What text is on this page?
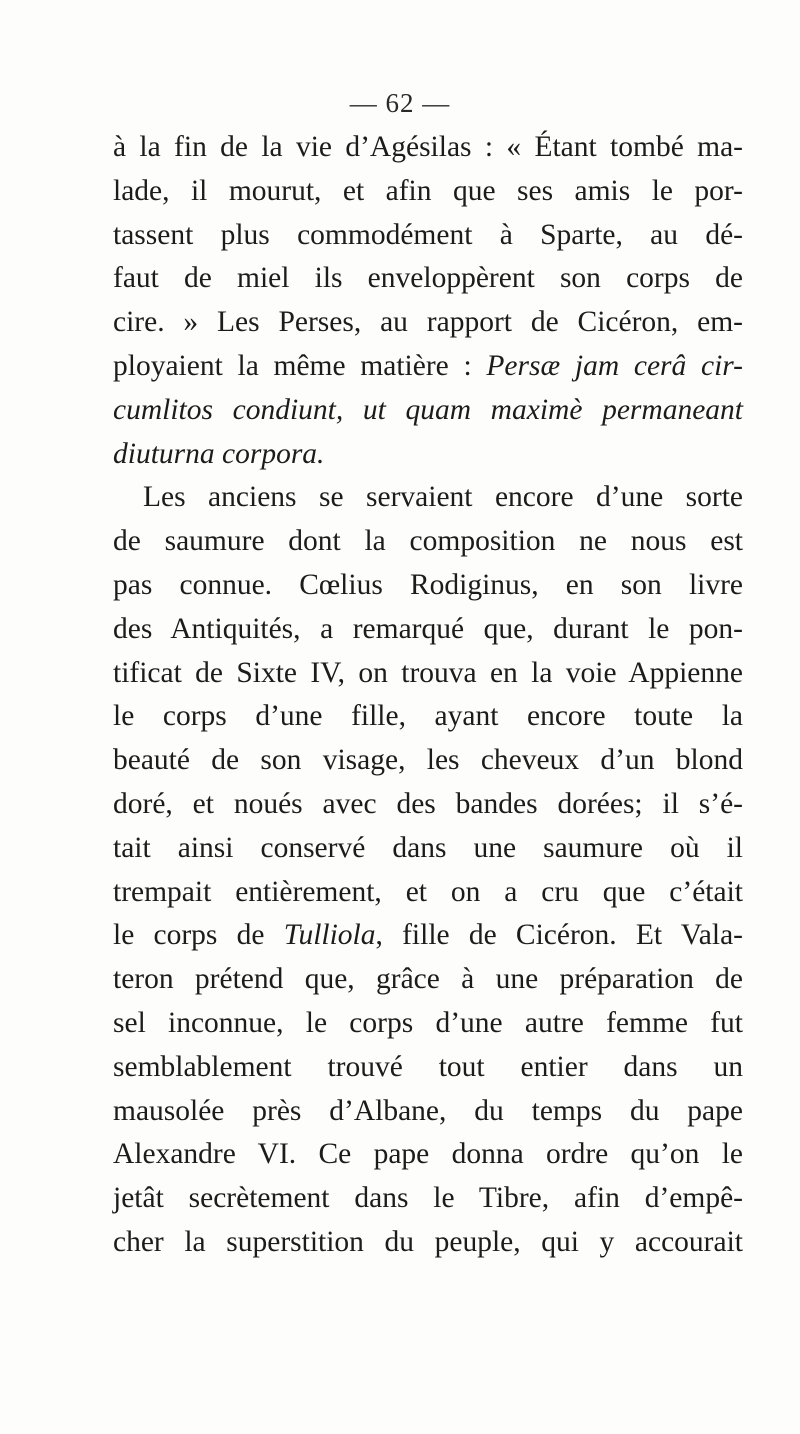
— 62 —
à la fin de la vie d’Agésilas : « Étant tombé ma-
lade, il mourut, et afin que ses amis le por-
tassent plus commodément à Sparte, au dé-
faut de miel ils enveloppèrent son corps de
cire. » Les Perses, au rapport de Cicéron, em-
ployaient la même matière : Persæ jam cerâ cir-
cumlitos condiunt, ut quam maximè permaneant
diuturna corpora.
Les anciens se servaient encore d’une sorte
de saumure dont la composition ne nous est
pas connue. Cœlius Rodiginus, en son livre
des Antiquités, a remarqué que, durant le pon-
tificat de Sixte IV, on trouva en la voie Appienne
le corps d’une fille, ayant encore toute la
beauté de son visage, les cheveux d’un blond
doré, et noués avec des bandes dorées; il s’é-
tait ainsi conservé dans une saumure où il
trempait entièrement, et on a cru que c’était
le corps de Tulliola, fille de Cicéron. Et Vala-
teron prétend que, grâce à une préparation de
sel inconnue, le corps d’une autre femme fut
semblablement trouvé tout entier dans un
mausolée près d’Albane, du temps du pape
Alexandre VI. Ce pape donna ordre qu’on le
jetât secrètement dans le Tibre, afin d’empê-
cher la superstition du peuple, qui y accourait
